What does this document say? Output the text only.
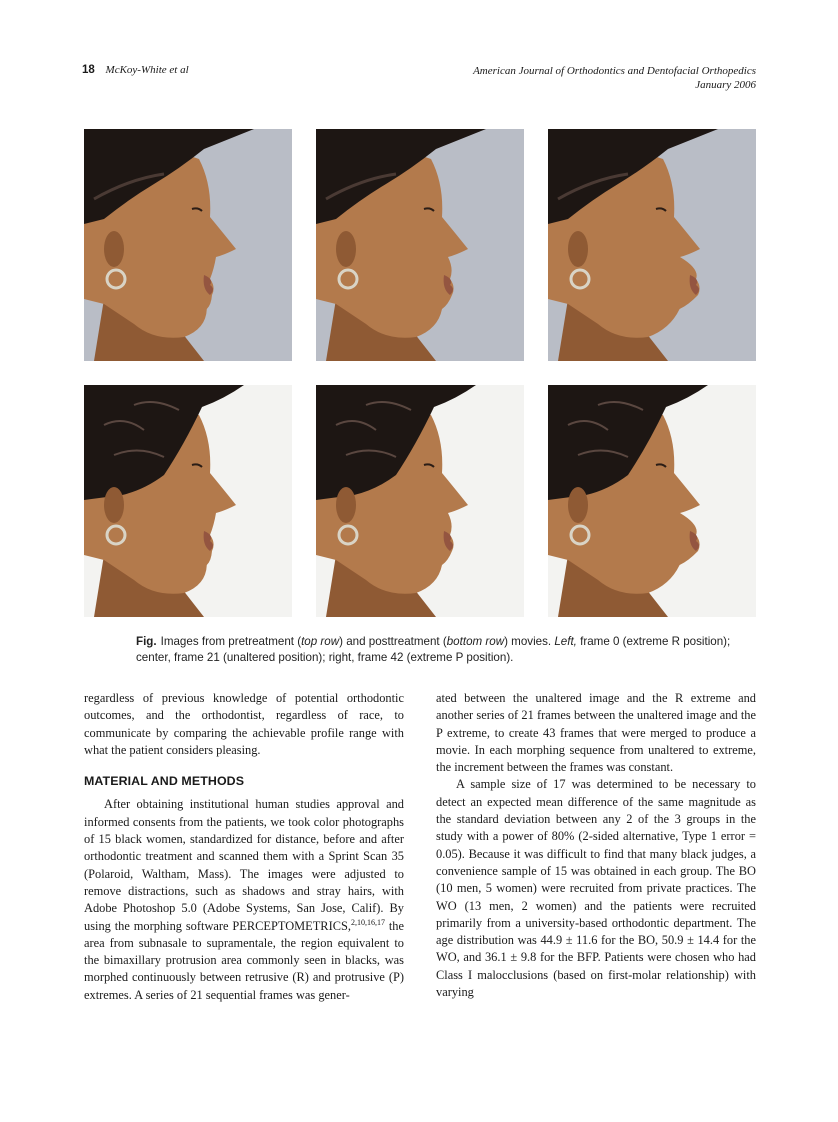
18 McKoy-White et al	American Journal of Orthodontics and Dentofacial Orthopedics
January 2006
Fig. Images from pretreatment (top row) and posttreatment (bottom row) movies. Left, frame 0 (extreme R position); center, frame 21 (unaltered position); right, frame 42 (extreme P position).

regardless of previous knowledge of potential orthodontic outcomes, and the orthodontist, regardless of race, to communicate by comparing the achievable profile range with what the patient considers pleasing.

MATERIAL AND METHODS

After obtaining institutional human studies approval and informed consents from the patients, we took color photographs of 15 black women, standardized for distance, before and after orthodontic treatment and scanned them with a Sprint Scan 35 (Polaroid, Waltham, Mass). The images were adjusted to remove distractions, such as shadows and stray hairs, with Adobe Photoshop 5.0 (Adobe Systems, San Jose, Calif). By using the morphing software PERCEPTOMETRICS,$^{2,10,16,17}$ the area from subnasale to supramentale, the region equivalent to the bimaxillary protrusion area commonly seen in blacks, was morphed continuously between retrusive (R) and protrusive (P) extremes. A series of 21 sequential frames was gener-

ated between the unaltered image and the R extreme and another series of 21 frames between the unaltered image and the P extreme, to create 43 frames that were merged to produce a movie. In each morphing sequence from unaltered to extreme, the increment between the frames was constant.

A sample size of 17 was determined to be necessary to detect an expected mean difference of the same magnitude as the standard deviation between any 2 of the 3 groups in the study with a power of 80% (2-sided alternative, Type 1 error = 0.05). Because it was difficult to find that many black judges, a convenience sample of 15 was obtained in each group. The BO (10 men, 5 women) were recruited from private practices. The WO (13 men, 2 women) and the patients were recruited primarily from a university-based orthodontic department. The age distribution was 44.9 ± 11.6 for the BO, 50.9 ± 14.4 for the WO, and 36.1 ± 9.8 for the BFP. Patients were chosen who had Class I malocclusions (based on first-molar relationship) with varying
